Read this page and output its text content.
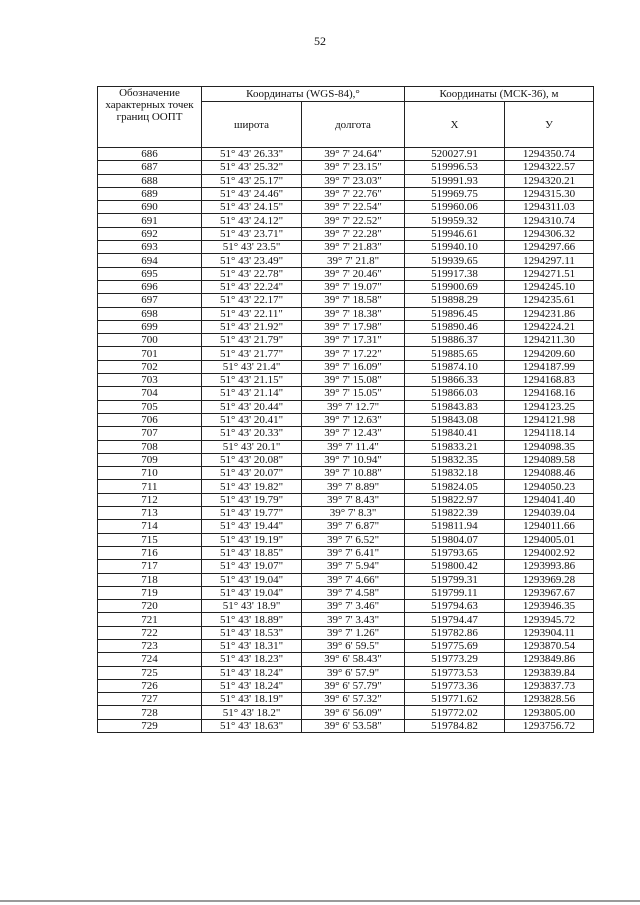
52
Обозначение характерных точек границ ООПТ	Координаты (WGS-84),°		Координаты (МСК-36), м	
	широта	долгота	X	У
686	51° 43' 26.33"	39° 7' 24.64"	520027.91	1294350.74
687	51° 43' 25.32"	39° 7' 23.15"	519996.53	1294322.57
688	51° 43' 25.17"	39° 7' 23.03"	519991.93	1294320.21
689	51° 43' 24.46"	39° 7' 22.76"	519969.75	1294315.30
690	51° 43' 24.15"	39° 7' 22.54"	519960.06	1294311.03
691	51° 43' 24.12"	39° 7' 22.52"	519959.32	1294310.74
692	51° 43' 23.71"	39° 7' 22.28"	519946.61	1294306.32
693	51° 43' 23.5"	39° 7' 21.83"	519940.10	1294297.66
694	51° 43' 23.49"	39° 7' 21.8"	519939.65	1294297.11
695	51° 43' 22.78"	39° 7' 20.46"	519917.38	1294271.51
696	51° 43' 22.24"	39° 7' 19.07"	519900.69	1294245.10
697	51° 43' 22.17"	39° 7' 18.58"	519898.29	1294235.61
698	51° 43' 22.11"	39° 7' 18.38"	519896.45	1294231.86
699	51° 43' 21.92"	39° 7' 17.98"	519890.46	1294224.21
700	51° 43' 21.79"	39° 7' 17.31"	519886.37	1294211.30
701	51° 43' 21.77"	39° 7' 17.22"	519885.65	1294209.60
702	51° 43' 21.4"	39° 7' 16.09"	519874.10	1294187.99
703	51° 43' 21.15"	39° 7' 15.08"	519866.33	1294168.83
704	51° 43' 21.14"	39° 7' 15.05"	519866.03	1294168.16
705	51° 43' 20.44"	39° 7' 12.7"	519843.83	1294123.25
706	51° 43' 20.41"	39° 7' 12.63"	519843.08	1294121.98
707	51° 43' 20.33"	39° 7' 12.43"	519840.41	1294118.14
708	51° 43' 20.1"	39° 7' 11.4"	519833.21	1294098.35
709	51° 43' 20.08"	39° 7' 10.94"	519832.35	1294089.58
710	51° 43' 20.07"	39° 7' 10.88"	519832.18	1294088.46
711	51° 43' 19.82"	39° 7' 8.89"	519824.05	1294050.23
712	51° 43' 19.79"	39° 7' 8.43"	519822.97	1294041.40
713	51° 43' 19.77"	39° 7' 8.3"	519822.39	1294039.04
714	51° 43' 19.44"	39° 7' 6.87"	519811.94	1294011.66
715	51° 43' 19.19"	39° 7' 6.52"	519804.07	1294005.01
716	51° 43' 18.85"	39° 7' 6.41"	519793.65	1294002.92
717	51° 43' 19.07"	39° 7' 5.94"	519800.42	1293993.86
718	51° 43' 19.04"	39° 7' 4.66"	519799.31	1293969.28
719	51° 43' 19.04"	39° 7' 4.58"	519799.11	1293967.67
720	51° 43' 18.9"	39° 7' 3.46"	519794.63	1293946.35
721	51° 43' 18.89"	39° 7' 3.43"	519794.47	1293945.72
722	51° 43' 18.53"	39° 7' 1.26"	519782.86	1293904.11
723	51° 43' 18.31"	39° 6' 59.5"	519775.69	1293870.54
724	51° 43' 18.23"	39° 6' 58.43"	519773.29	1293849.86
725	51° 43' 18.24"	39° 6' 57.9"	519773.53	1293839.84
726	51° 43' 18.24"	39° 6' 57.79"	519773.36	1293837.73
727	51° 43' 18.19"	39° 6' 57.32"	519771.62	1293828.56
728	51° 43' 18.2"	39° 6' 56.09"	519772.02	1293805.00
729	51° 43' 18.63"	39° 6' 53.58"	519784.82	1293756.72
